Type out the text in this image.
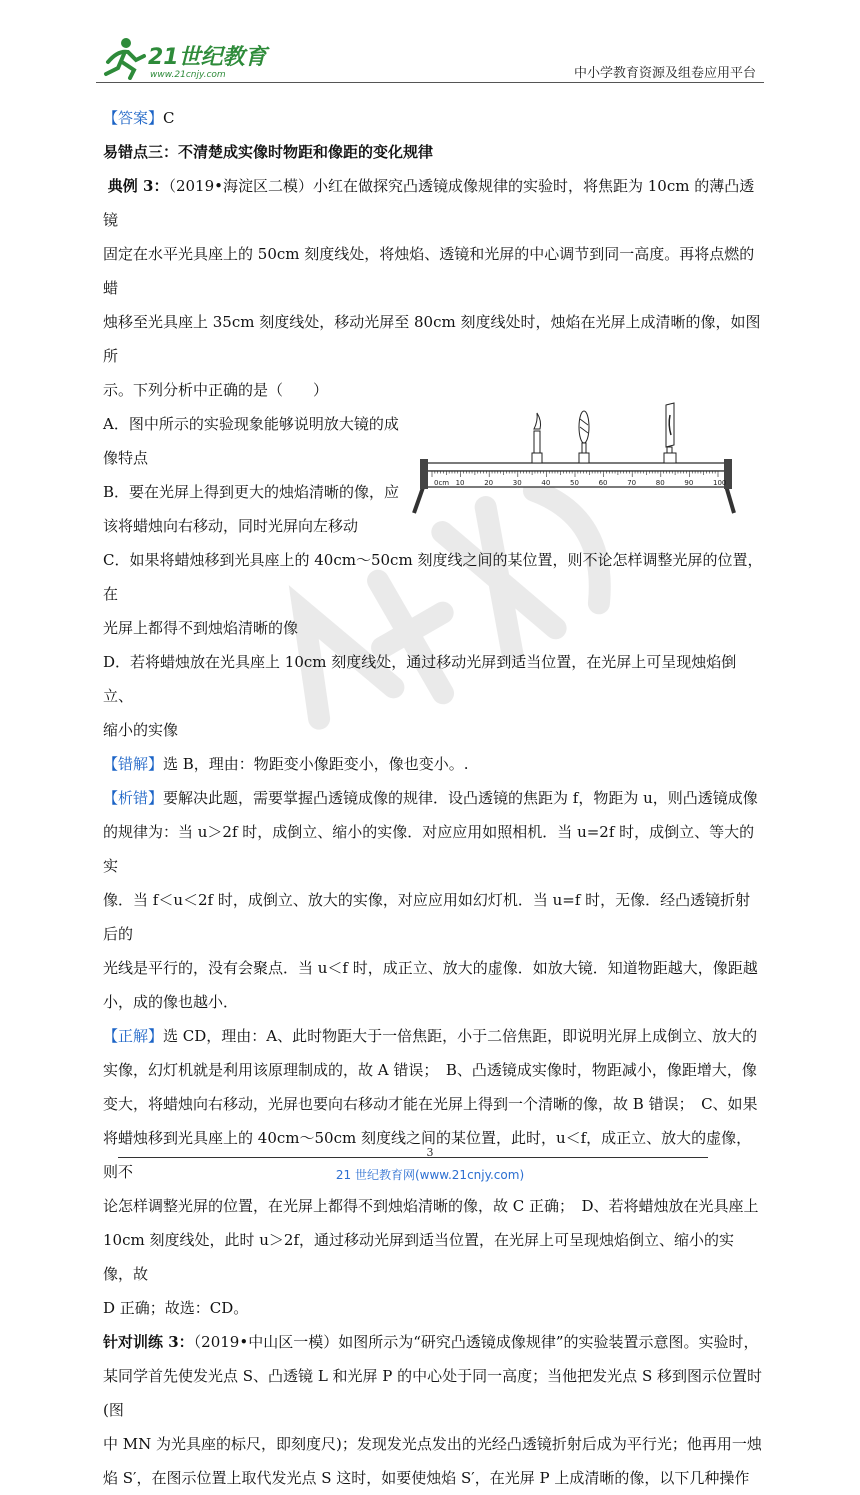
21世纪教育
www.21cnjy.com	中小学教育资源及组卷应用平台

【答案】C

易错点三：不清楚成实像时物距和像距的变化规律

典例 3：（2019•海淀区二模）小红在做探究凸透镜成像规律的实验时，将焦距为 10cm 的薄凸透镜
固定在水平光具座上的 50cm 刻度线处，将烛焰、透镜和光屏的中心调节到同一高度。再将点燃的蜡
烛移至光具座上 35cm 刻度线处，移动光屏至 80cm 刻度线处时，烛焰在光屏上成清晰的像，如图所
示。下列分析中正确的是（　　）

A．图中所示的实验现象能够说明放大镜的成
像特点
B．要在光屏上得到更大的烛焰清晰的像，应
该将蜡烛向右移动，同时光屏向左移动
0cm 10	20	30	40	50	60	70	80	90	100

C．如果将蜡烛移到光具座上的 40cm～50cm 刻度线之间的某位置，则不论怎样调整光屏的位置，在
光屏上都得不到烛焰清晰的像

D．若将蜡烛放在光具座上 10cm 刻度线处，通过移动光屏到适当位置，在光屏上可呈现烛焰倒立、
缩小的实像

【错解】选 B，理由：物距变小像距变小，像也变小。.

【析错】要解决此题，需要掌握凸透镜成像的规律．设凸透镜的焦距为 f，物距为 u，则凸透镜成像
的规律为：当 u＞2f 时，成倒立、缩小的实像．对应应用如照相机．当 u=2f 时，成倒立、等大的实
像．当 f＜u＜2f 时，成倒立、放大的实像，对应应用如幻灯机．当 u=f 时，无像．经凸透镜折射后的
光线是平行的，没有会聚点．当 u＜f 时，成正立、放大的虚像．如放大镜．知道物距越大，像距越
小，成的像也越小．

【正解】选 CD，理由：A、此时物距大于一倍焦距，小于二倍焦距，即说明光屏上成倒立、放大的
实像，幻灯机就是利用该原理制成的，故 A 错误；　B、凸透镜成实像时，物距减小，像距增大，像
变大，将蜡烛向右移动，光屏也要向右移动才能在光屏上得到一个清晰的像，故 B 错误；　C、如果
将蜡烛移到光具座上的 40cm～50cm 刻度线之间的某位置，此时，u＜f，成正立、放大的虚像，则不
论怎样调整光屏的位置，在光屏上都得不到烛焰清晰的像，故 C 正确；　D、若将蜡烛放在光具座上
10cm 刻度线处，此时 u＞2f，通过移动光屏到适当位置，在光屏上可呈现烛焰倒立、缩小的实像，故
D 正确；故选：CD。

针对训练 3：（2019•中山区一模）如图所示为“研究凸透镜成像规律”的实验装置示意图。实验时，
某同学首先使发光点 S、凸透镜 L 和光屏 P 的中心处于同一高度；当他把发光点 S 移到图示位置时(图
中 MN 为光具座的标尺，即刻度尺)；发现发光点发出的光经凸透镜折射后成为平行光；他再用一烛
焰 S′，在图示位置上取代发光点 S 这时，如要使烛焰 S′，在光屏 P 上成清晰的像，以下几种操作

3
21 世纪教育网(www.21cnjy.com)
